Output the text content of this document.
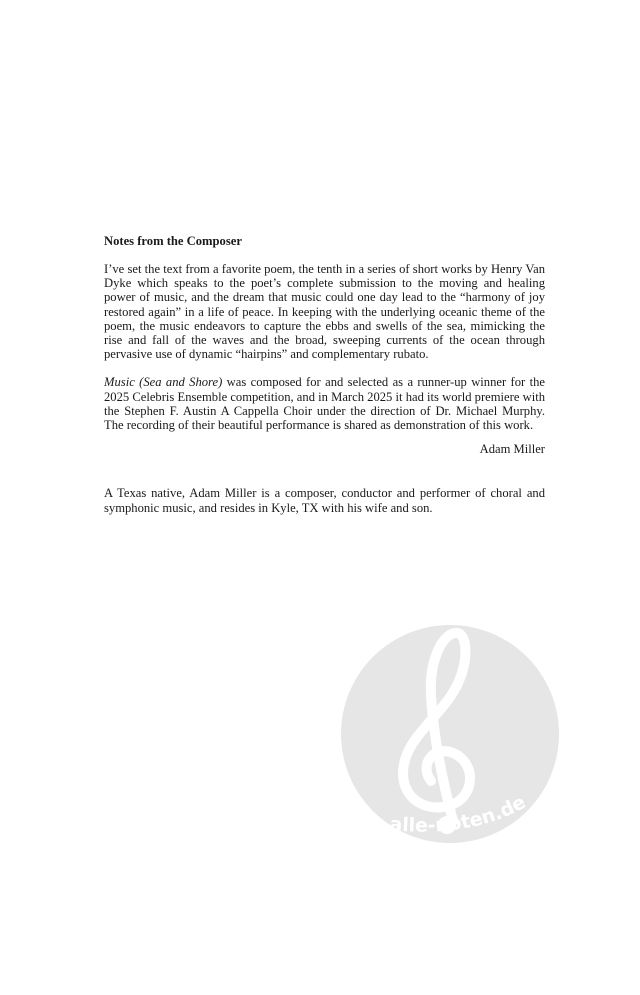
Notes from the Composer

I’ve set the text from a favorite poem, the tenth in a series of short works by Henry Van Dyke which speaks to the poet’s complete submission to the moving and healing power of music, and the dream that music could one day lead to the “harmony of joy restored again” in a life of peace. In keeping with the underlying oceanic theme of the poem, the music endeavors to capture the ebbs and swells of the sea, mimicking the rise and fall of the waves and the broad, sweeping currents of the ocean through pervasive use of dynamic “hairpins” and complementary rubato.

Music (Sea and Shore) was composed for and selected as a runner-up winner for the 2025 Celebris Ensemble competition, and in March 2025 it had its world premiere with the Stephen F. Austin A Cappella Choir under the direction of Dr. Michael Murphy. The recording of their beautiful performance is shared as demonstration of this work.

Adam Miller

A Texas native, Adam Miller is a composer, conductor and performer of choral and symphonic music, and resides in Kyle, TX with his wife and son.

alle-noten.de
